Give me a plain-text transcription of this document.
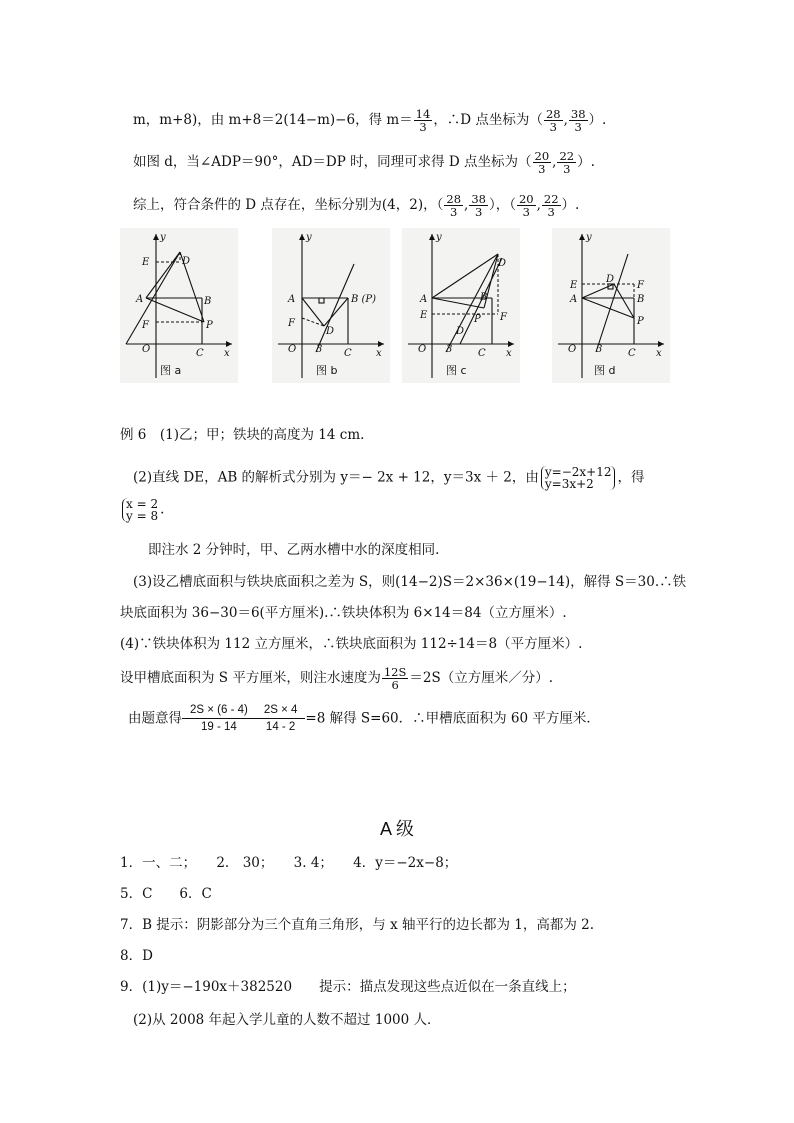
m，m+8)，由 m+8＝2(14−m)−6，得 $m= \frac{14}{3}$ ，∴D 点坐标为（ $\frac{28}{3}$ , $\frac{38}{3}$ ）.
如图 d，当∠ADP＝90°，AD＝DP 时，同理可求得 D 点坐标为（ $\frac{20}{3}$ , $\frac{22}{3}$ ）.
综上，符合条件的 D 点存在，坐标分别为(4，2)，（ $\frac{28}{3}$ , $\frac{38}{3}$ ），（ $\frac{20}{3}$ , $\frac{22}{3}$ ）.
y
x
O
A	B
C
D
E
F	P
图 a
y
x
O 3
A	B (P)
C
D
F
图 b
y
x
O 3
A	B
C
D
E	F
P
D
图 c
y
x
O 3
A	B
C
D
E	F
P
图 d
例 6　(1)乙；甲；铁块的高度为 14 cm.
(2)直线 DE，AB 的解析式分别为 y＝− 2x + 12，y＝3x ＋ 2，由 y=−2x+12
y=3x+2	，得
x = 2
y = 8 .
即注水 2 分钟时，甲、乙两水槽中水的深度相同.
(3)设乙槽底面积与铁块底面积之差为 S，则(14−2)S＝2×36×(19−14)，解得 S＝30.∴铁
块底面积为 36−30＝6(平方厘米).∴铁块体积为 6×14＝84（立方厘米）.
(4)∵铁块体积为 112 立方厘米，∴铁块底面积为 112÷14＝8（平方厘米）.
设甲槽底面积为 S 平方厘米，则注水速度为 $\frac{12S}{6} =2S$（立方厘米／分）.
由题意得 $\frac{2S \times (6 - 4)}{19 - 14} \frac{2S \times 4}{14 - 2} =8$ 解得 S=60．∴甲槽底面积为 60 平方厘米．
A 级
1．一、二；　　2.　30；　　3. 4；　　4．y＝−2x−8；
5．C　　6．C
7．B 提示：阴影部分为三个直角三角形，与 x 轴平行的边长都为 1，高都为 2.
8．D
9．(1)y＝−190x＋382520　　提示：描点发现这些点近似在一条直线上；
(2)从 2008 年起入学儿童的人数不超过 1000 人．
